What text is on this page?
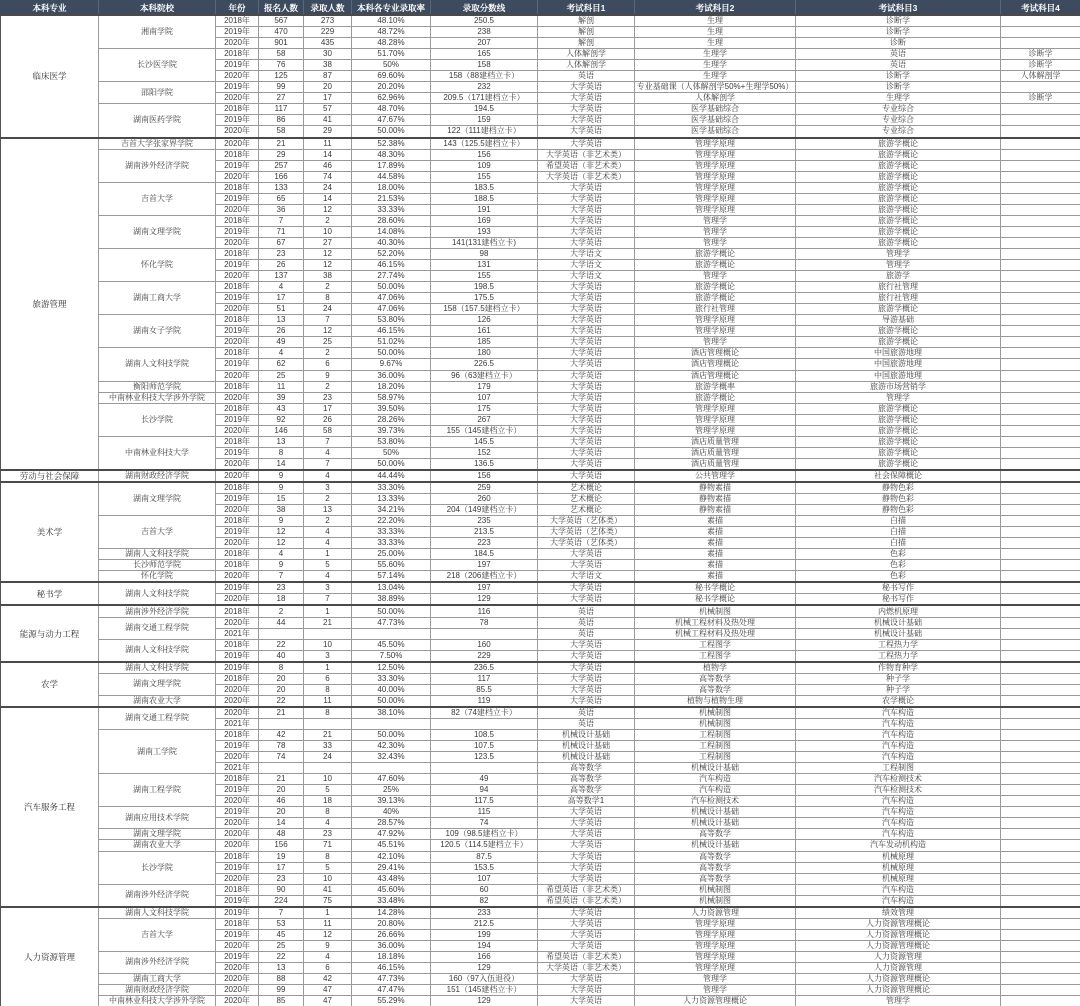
本科专业	本科院校	年份	报名人数	录取人数	本科各专业录取率	录取分数线	考试科目1	考试科目2	考试科目3	考试科目4
临床医学	湘南学院	2018年	567	273	48.10%	250.5	解剖	生理	诊断学	
		2019年	470	229	48.72%	238	解剖	生理	诊断学	
		2020年	901	435	48.28%	207	解剖	生理	诊断	
	长沙医学院	2018年	58	30	51.70%	165	人体解剖学	生理学	英语	诊断学
		2019年	76	38	50%	158	人体解剖学	生理学	英语	诊断学
		2020年	125	87	69.60%	158（88建档立卡）	英语	生理学	诊断学	人体解剖学
	邵阳学院	2019年	99	20	20.20%	232	大学英语	专业基础课（人体解剖学50%+生理学50%）	诊断学	
		2020年	27	17	62.96%	209.5（171建档立卡）	大学英语	人体解剖学	生理学	诊断学
	湖南医药学院	2018年	117	57	48.70%	194.5	大学英语	医学基础综合	专业综合	
		2019年	86	41	47.67%	159	大学英语	医学基础综合	专业综合	
		2020年	58	29	50.00%	122（111建档立卡）	大学英语	医学基础综合	专业综合	
旅游管理	吉首大学张家界学院	2020年	21	11	52.38%	143（125.5建档立卡）	大学英语	管理学原理	旅游学概论	
	湖南涉外经济学院	2018年	29	14	48.30%	156	大学英语（非艺术类）	管理学原理	旅游学概论	
		2019年	257	46	17.89%	109	希望英语（非艺术类）	管理学原理	旅游学概论	
		2020年	166	74	44.58%	155	大学英语（非艺术类）	管理学原理	旅游学概论	
	吉首大学	2018年	133	24	18.00%	183.5	大学英语	管理学原理	旅游学概论	
		2019年	65	14	21.53%	188.5	大学英语	管理学原理	旅游学概论	
		2020年	36	12	33.33%	191	大学英语	管理学原理	旅游学概论	
	湖南文理学院	2018年	7	2	28.60%	169	大学英语	管理学	旅游学概论	
		2019年	71	10	14.08%	193	大学英语	管理学	旅游学概论	
		2020年	67	27	40.30%	141(131建档立卡)	大学英语	管理学	旅游学概论	
	怀化学院	2018年	23	12	52.20%	98	大学语文	旅游学概论	管理学	
		2019年	26	12	46.15%	131	大学语文	旅游学概论	管理学	
		2020年	137	38	27.74%	155	大学语文	管理学	旅游学	
	湖南工商大学	2018年	4	2	50.00%	198.5	大学英语	旅游学概论	旅行社管理	
		2019年	17	8	47.06%	175.5	大学英语	旅游学概论	旅行社管理	
		2020年	51	24	47.06%	158（157.5建档立卡）	大学英语	旅行社管理	旅游学概论	
	湖南女子学院	2018年	13	7	53.80%	126	大学英语	管理学原理	导游基础	
		2019年	26	12	46.15%	161	大学英语	管理学原理	旅游学概论	
		2020年	49	25	51.02%	185	大学英语	管理学	旅游学概论	
	湖南人文科技学院	2018年	4	2	50.00%	180	大学英语	酒店管理概论	中国旅游地理	
		2019年	62	6	9.67%	226.5	大学英语	酒店管理概论	中国旅游地理	
		2020年	25	9	36.00%	96（63建档立卡）	大学英语	酒店管理概论	中国旅游地理	
	衡阳师范学院	2018年	11	2	18.20%	179	大学英语	旅游学概率	旅游市场营销学	
	中南林业科技大学涉外学院	2020年	39	23	58.97%	107	大学英语	旅游学概论	管理学	
	长沙学院	2018年	43	17	39.50%	175	大学英语	管理学原理	旅游学概论	
		2019年	92	26	28.26%	267	大学英语	管理学原理	旅游学概论	
		2020年	146	58	39.73%	155（145建档立卡）	大学英语	管理学原理	旅游学概论	
	中南林业科技大学	2018年	13	7	53.80%	145.5	大学英语	酒店质量管理	旅游学概论	
		2019年	8	4	50%	152	大学英语	酒店质量管理	旅游学概论	
		2020年	14	7	50.00%	136.5	大学英语	酒店质量管理	旅游学概论	
劳动与社会保障	湖南财政经济学院	2020年	9	4	44.44%	156	大学英语	公共管理学	社会保障概论	
美术学	湖南文理学院	2018年	9	3	33.30%	259	艺术概论	静物素描	静物色彩	
		2019年	15	2	13.33%	260	艺术概论	静物素描	静物色彩	
		2020年	38	13	34.21%	204（149建档立卡）	艺术概论	静物素描	静物色彩	
	吉首大学	2018年	9	2	22.20%	235	大学英语（艺体类）	素描	白描	
		2019年	12	4	33.33%	213.5	大学英语（艺体类）	素描	白描	
		2020年	12	4	33.33%	223	大学英语（艺体类）	素描	白描	
	湖南人文科技学院	2018年	4	1	25.00%	184.5	大学英语	素描	色彩	
	长沙师范学院	2018年	9	5	55.60%	197	大学英语	素描	色彩	
	怀化学院	2020年	7	4	57.14%	218（206建档立卡）	大学语文	素描	色彩	
秘书学	湖南人文科技学院	2019年	23	3	13.04%	197	大学英语	秘书学概论	秘书写作	
		2020年	18	7	38.89%	129	大学英语	秘书学概论	秘书写作	
能源与动力工程	湖南涉外经济学院	2018年	2	1	50.00%	116	英语	机械制图	内燃机原理	
	湖南交通工程学院	2020年	44	21	47.73%	78	英语	机械工程材料及热处理	机械设计基础	
		2021年					英语	机械工程材料及热处理	机械设计基础	
	湖南人文科技学院	2018年	22	10	45.50%	160	大学英语	工程图学	工程热力学	
		2019年	40	3	7.50%	229	大学英语	工程图学	工程热力学	
农学	湖南人文科技学院	2019年	8	1	12.50%	236.5	大学英语	植物学	作物育种学	
	湖南文理学院	2018年	20	6	33.30%	117	大学英语	高等数学	种子学	
		2020年	20	8	40.00%	85.5	大学英语	高等数学	种子学	
	湖南农业大学	2020年	22	11	50.00%	119	大学英语	植物与植物生理	农学概论	
汽车服务工程	湖南交通工程学院	2020年	21	8	38.10%	82（74建档立卡）	英语	机械制图	汽车构造	
		2021年					英语	机械制图	汽车构造	
	湖南工学院	2018年	42	21	50.00%	108.5	机械设计基础	工程制图	汽车构造	
		2019年	78	33	42.30%	107.5	机械设计基础	工程制图	汽车构造	
		2020年	74	24	32.43%	123.5	机械设计基础	工程制图	汽车构造	
		2021年					高等数学	机械设计基础	工程制图	
	湖南工程学院	2018年	21	10	47.60%	49	高等数学	汽车构造	汽车检测技术	
		2019年	20	5	25%	94	高等数学	汽车构造	汽车检测技术	
		2020年	46	18	39.13%	117.5	高等数学1	汽车检测技术	汽车构造	
	湖南应用技术学院	2019年	20	8	40%	115	大学英语	机械设计基础	汽车构造	
		2020年	14	4	28.57%	74	大学英语	机械设计基础	汽车构造	
	湖南文理学院	2020年	48	23	47.92%	109（98.5建档立卡）	大学英语	高等数学	汽车构造	
	湖南农业大学	2020年	156	71	45.51%	120.5（114.5建档立卡）	大学英语	机械设计基础	汽车发动机构造	
	长沙学院	2018年	19	8	42.10%	87.5	大学英语	高等数学	机械原理	
		2019年	17	5	29.41%	153.5	大学英语	高等数学	机械原理	
		2020年	23	10	43.48%	107	大学英语	高等数学	机械原理	
	湖南涉外经济学院	2018年	90	41	45.60%	60	希望英语（非艺术类）	机械制图	汽车构造	
		2019年	224	75	33.48%	82	希望英语（非艺术类）	机械制图	汽车构造	
人力资源管理	湖南人文科技学院	2019年	7	1	14.28%	233	大学英语	人力资源管理	绩效管理	
	吉首大学	2018年	53	11	20.80%	212.5	大学英语	管理学原理	人力资源管理概论	
		2019年	45	12	26.66%	199	大学英语	管理学原理	人力资源管理概论	
		2020年	25	9	36.00%	194	大学英语	管理学原理	人力资源管理概论	
	湖南涉外经济学院	2019年	22	4	18.18%	166	希望英语（非艺术类）	管理学原理	人力资源管理	
		2020年	13	6	46.15%	129	大学英语（非艺术类）	管理学原理	人力资源管理	
	湖南工商大学	2020年	88	42	47.73%	160（97入伍退役）	大学英语	管理学	人力资源管理概论	
	湖南财政经济学院	2020年	99	47	47.47%	151（145建档立卡）	大学英语	管理学	人力资源管理概论	
	中南林业科技大学涉外学院	2020年	85	47	55.29%	129	大学英语	人力资源管理概论	管理学	
